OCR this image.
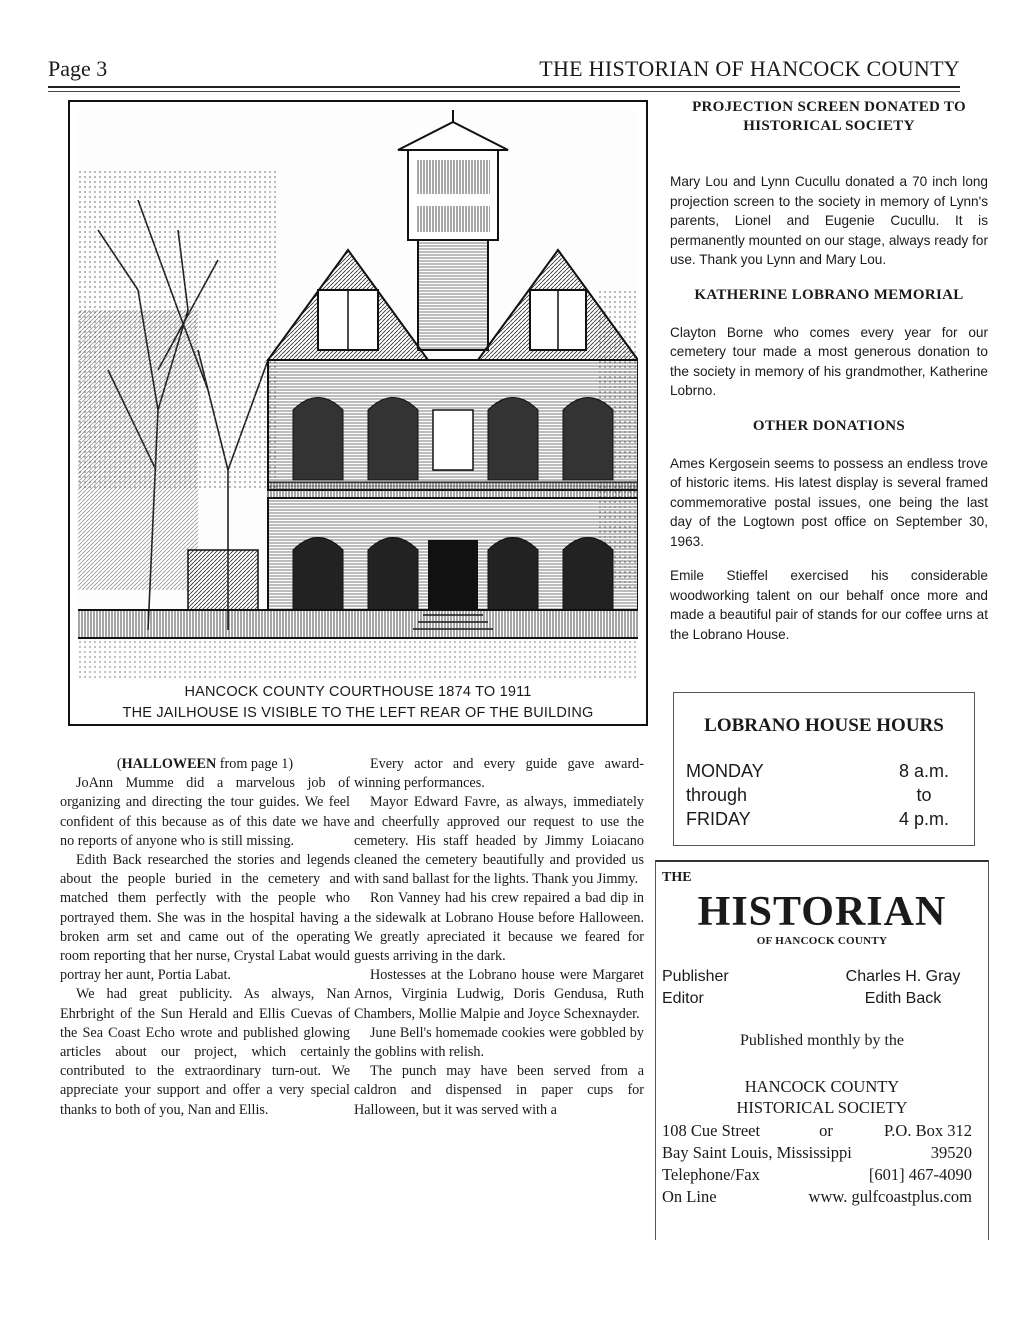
Page 3	THE HISTORIAN OF HANCOCK COUNTY
HANCOCK COUNTY COURTHOUSE 1874 TO 1911
THE JAILHOUSE IS VISIBLE TO THE LEFT REAR OF THE BUILDING
PROJECTION SCREEN DONATED TO HISTORICAL SOCIETY

Mary Lou and Lynn Cucullu donated a 70 inch long projection screen to the society in memory of Lynn's parents, Lionel and Eugenie Cucullu. It is permanently mounted on our stage, always ready for use. Thank you Lynn and Mary Lou.

KATHERINE LOBRANO MEMORIAL

Clayton Borne who comes every year for our cemetery tour made a most generous donation to the society in memory of his grandmother, Katherine Lobrno.

OTHER DONATIONS

Ames Kergosein seems to possess an endless trove of historic items. His latest display is several framed commemorative postal issues, one being the last day of the Logtown post office on September 30, 1963.

Emile Stieffel exercised his considerable woodworking talent on our behalf once more and made a beautiful pair of stands for our coffee urns at the Lobrano House.

LOBRANO HOUSE HOURS
MONDAY	8 a.m.
through	to
FRIDAY	4 p.m.
THE
HISTORIAN
OF HANCOCK COUNTY
Publisher	Charles H. Gray
Editor	Edith Back
Published monthly by the
HANCOCK COUNTY HISTORICAL SOCIETY
108 Cue Street	or	P.O. Box 312
Bay Saint Louis, Mississippi	39520
Telephone/Fax	[601] 467-4090
On Line	www. gulfcoastplus.com

(HALLOWEEN from page 1)

JoAnn Mumme did a marvelous job of organizing and directing the tour guides. We feel confident of this because as of this date we have no reports of anyone who is still missing.

Edith Back researched the stories and legends about the people buried in the cemetery and matched them perfectly with the people who portrayed them. She was in the hospital having a broken arm set and came out of the operating room reporting that her nurse, Crystal Labat would portray her aunt, Portia Labat.

We had great publicity. As always, Nan Ehrbright of the Sun Herald and Ellis Cuevas of the Sea Coast Echo wrote and published glowing articles about our project, which certainly contributed to the extraordinary turn-out. We appreciate your support and offer a very special thanks to both of you, Nan and Ellis.

Every actor and every guide gave award-winning performances.

Mayor Edward Favre, as always, immediately and cheerfully approved our request to use the cemetery. His staff headed by Jimmy Loiacano cleaned the cemetery beautifully and provided us with sand ballast for the lights. Thank you Jimmy.

Ron Vanney had his crew repaired a bad dip in the sidewalk at Lobrano House before Halloween. We greatly apreciated it because we feared for guests arriving in the dark.

Hostesses at the Lobrano house were Margaret Arnos, Virginia Ludwig, Doris Gendusa, Ruth Chambers, Mollie Malpie and Joyce Schexnayder.

June Bell's homemade cookies were gobbled by the goblins with relish.

The punch may have been served from a caldron and dispensed in paper cups for Halloween, but it was served with a
